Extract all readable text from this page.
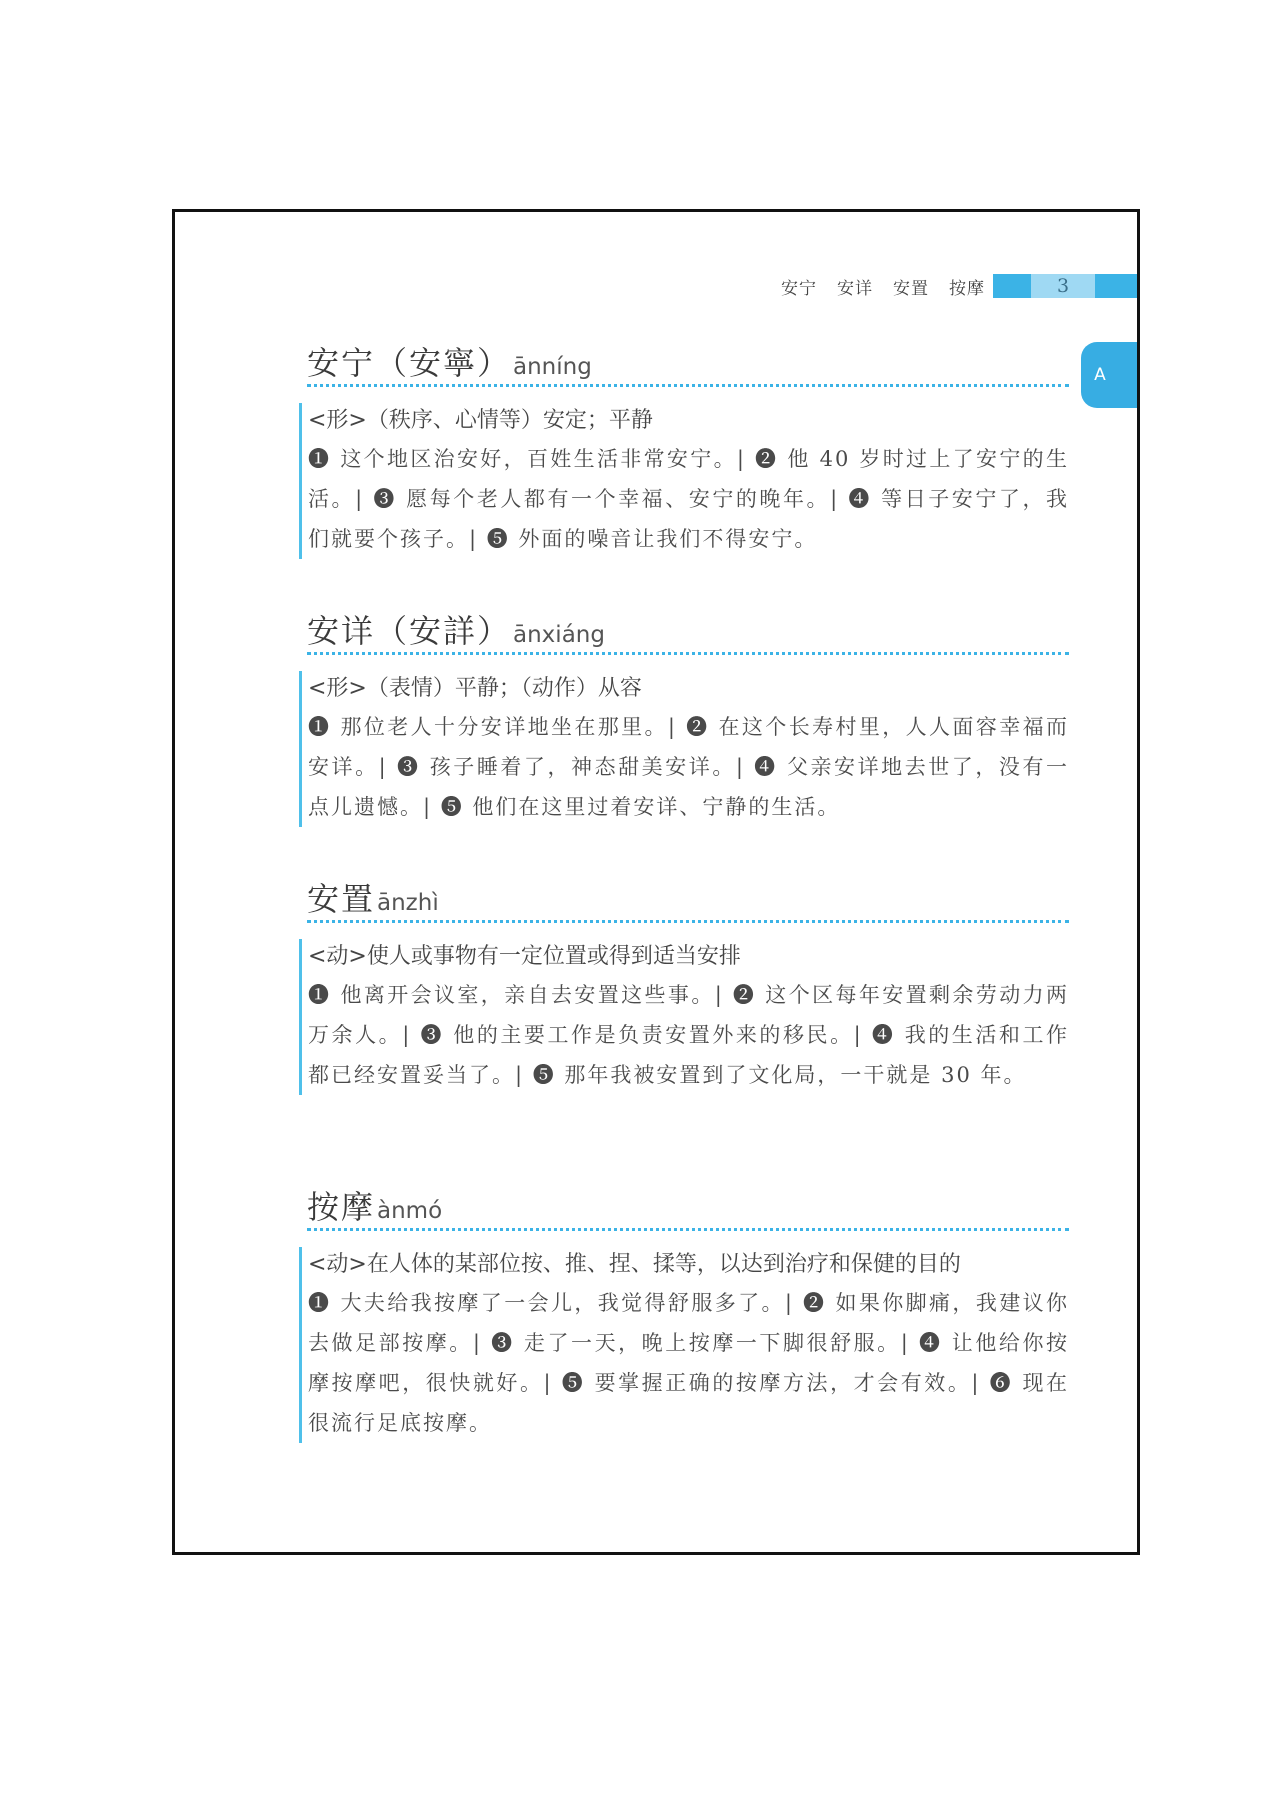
安宁 安详 安置 按摩	3
A
安宁（安寧） ānníng
<形>（秩序、心情等）安定；平静
❶ 这个地区治安好，百姓生活非常安宁。| ❷ 他 40 岁时过上了安宁的生活。| ❸ 愿每个老人都有一个幸福、安宁的晚年。| ❹ 等日子安宁了，我们就要个孩子。| ❺ 外面的噪音让我们不得安宁。
安详（安詳） ānxiáng
<形>（表情）平静；（动作）从容
❶ 那位老人十分安详地坐在那里。| ❷ 在这个长寿村里，人人面容幸福而安详。| ❸ 孩子睡着了，神态甜美安详。| ❹ 父亲安详地去世了，没有一点儿遗憾。| ❺ 他们在这里过着安详、宁静的生活。
安置 ānzhì
<动>使人或事物有一定位置或得到适当安排
❶ 他离开会议室，亲自去安置这些事。| ❷ 这个区每年安置剩余劳动力两万余人。| ❸ 他的主要工作是负责安置外来的移民。| ❹ 我的生活和工作都已经安置妥当了。| ❺ 那年我被安置到了文化局，一干就是 30 年。
按摩 ànmó
<动>在人体的某部位按、推、捏、揉等，以达到治疗和保健的目的
❶ 大夫给我按摩了一会儿，我觉得舒服多了。| ❷ 如果你脚痛，我建议你去做足部按摩。| ❸ 走了一天，晚上按摩一下脚很舒服。| ❹ 让他给你按摩按摩吧，很快就好。| ❺ 要掌握正确的按摩方法，才会有效。| ❻ 现在很流行足底按摩。
